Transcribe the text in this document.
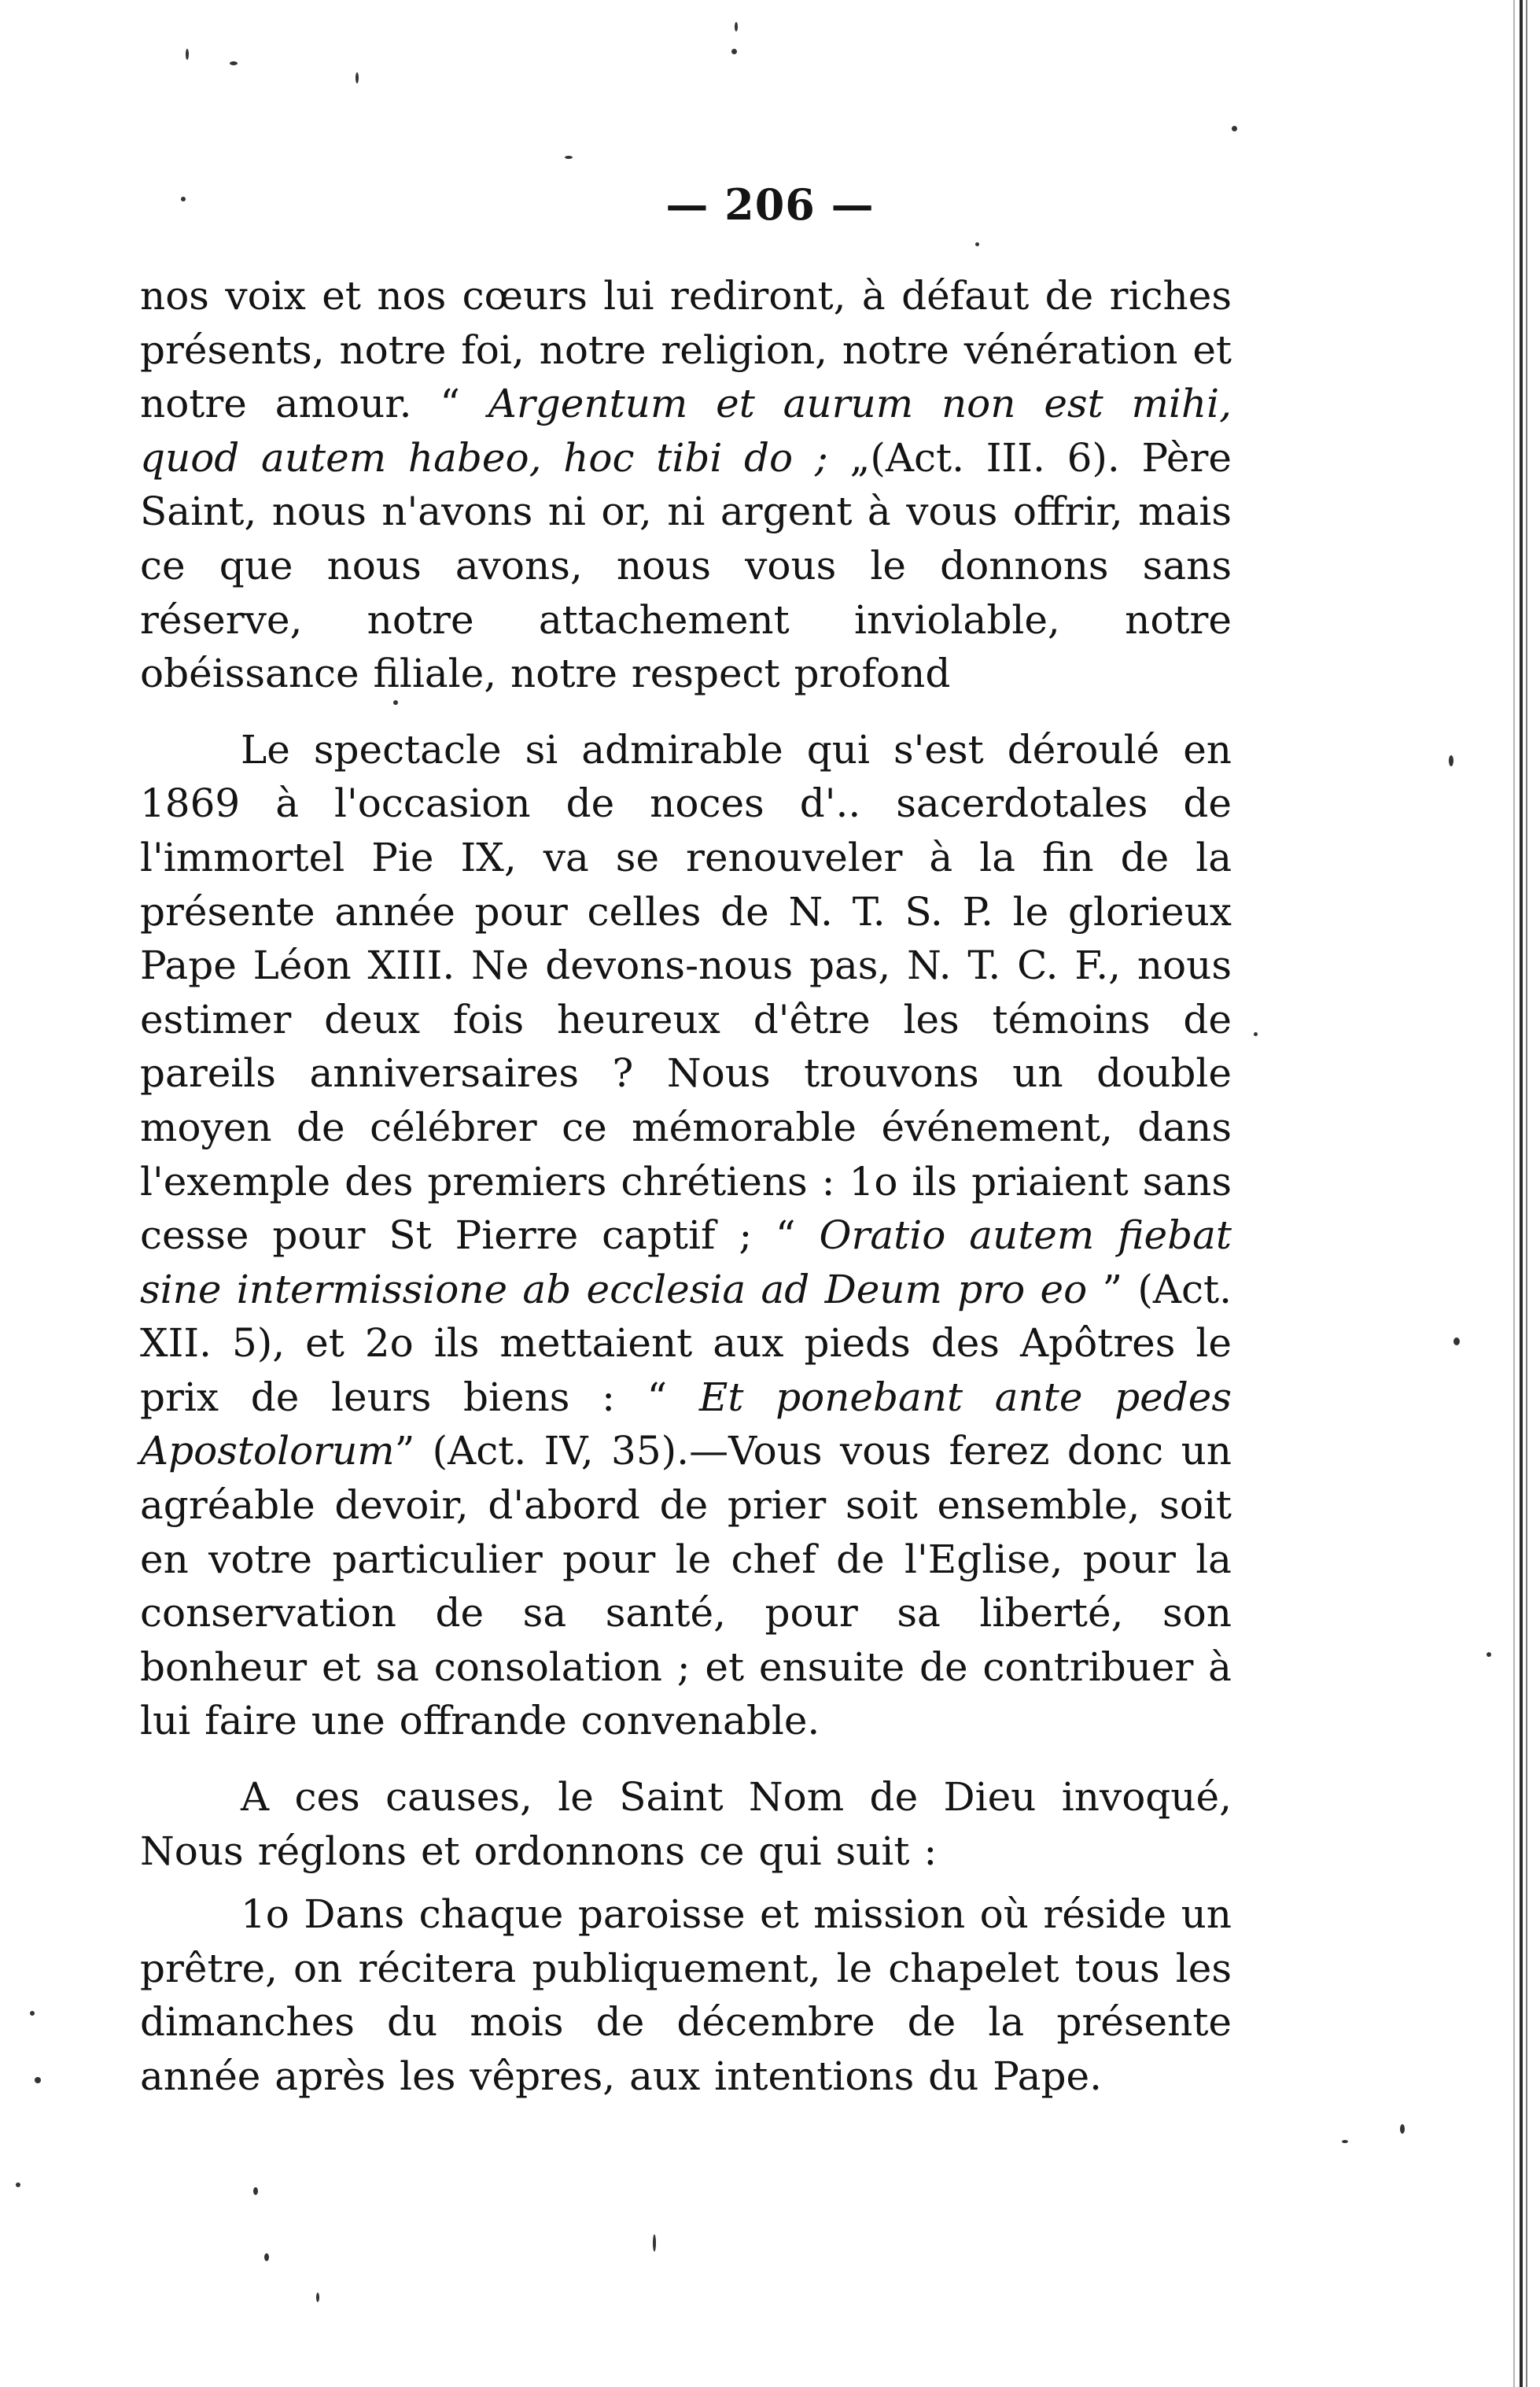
— 206 —

nos voix et nos cœurs lui rediront, à défaut de riches présents, notre foi, notre religion, notre vénération et notre amour. “ Argentum et aurum non est mihi, quod autem habeo, hoc tibi do ; „(Act. III. 6). Père Saint, nous n'avons ni or, ni argent à vous offrir, mais ce que nous avons, nous vous le donnons sans réserve, notre attachement inviolable, notre obéissance filiale, notre respect profond

Le spectacle si admirable qui s'est déroulé en 1869 à l'occasion de noces d'.. sacerdotales de l'immortel Pie IX, va se renouveler à la fin de la présente année pour celles de N. T. S. P. le glorieux Pape Léon XIII. Ne devons-nous pas, N. T. C. F., nous estimer deux fois heureux d'être les témoins de pareils anniversaires ? Nous trouvons un double moyen de célébrer ce mémorable événement, dans l'exemple des premiers chrétiens : 1o ils priaient sans cesse pour St Pierre captif ; “ Oratio autem fiebat sine intermissione ab ecclesia ad Deum pro eo ” (Act. XII. 5), et 2o ils mettaient aux pieds des Apôtres le prix de leurs biens : “ Et ponebant ante pedes Apostolorum” (Act. IV, 35).—Vous vous ferez donc un agréable devoir, d'abord de prier soit ensemble, soit en votre particulier pour le chef de l'Eglise, pour la conservation de sa santé, pour sa liberté, son bonheur et sa consolation ; et ensuite de contribuer à lui faire une offrande convenable.

A ces causes, le Saint Nom de Dieu invoqué, Nous réglons et ordonnons ce qui suit :

1o Dans chaque paroisse et mission où réside un prêtre, on récitera publiquement, le chapelet tous les dimanches du mois de décembre de la présente année après les vêpres, aux intentions du Pape.
